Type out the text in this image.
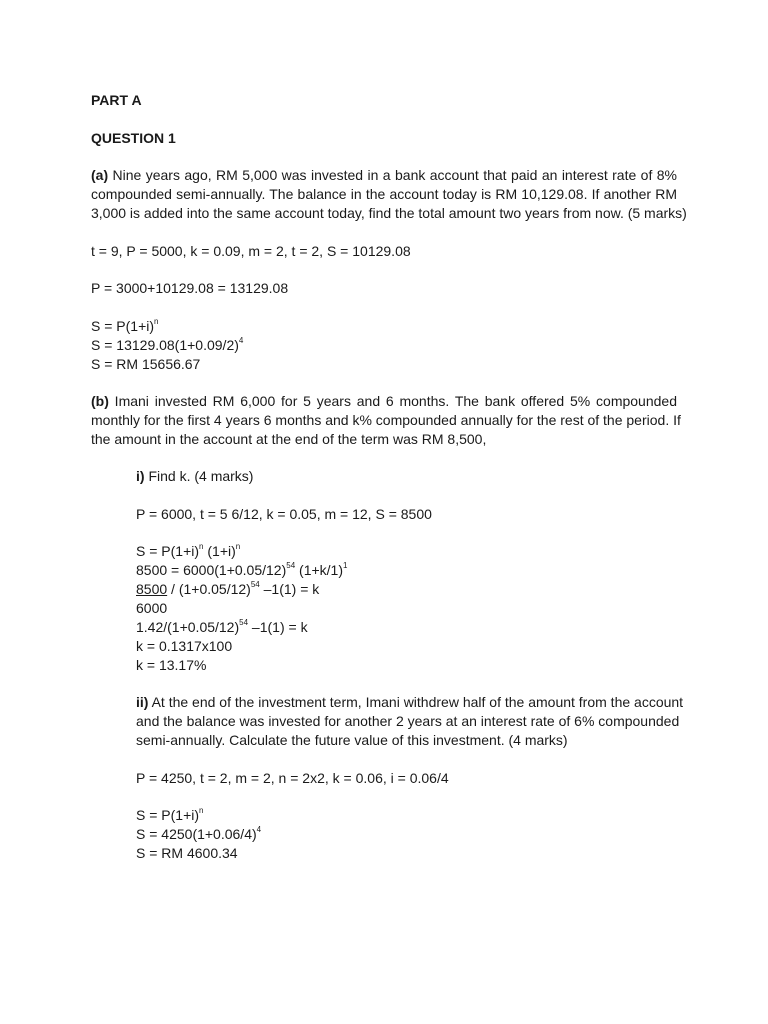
PART A
QUESTION 1
(a) Nine years ago, RM 5,000 was invested in a bank account that paid an interest rate of 8%
compounded semi-annually. The balance in the account today is RM 10,129.08. If another RM
3,000 is added into the same account today, find the total amount two years from now. (5 marks)
t = 9, P = 5000, k = 0.09, m = 2, t = 2, S = 10129.08
P = 3000+10129.08 = 13129.08
$S = P(1+i)^n$
$S = 13129.08(1+0.09/2)^4$
S = RM 15656.67
(b) Imani invested RM 6,000 for 5 years and 6 months. The bank offered 5% compounded
monthly for the first 4 years 6 months and k% compounded annually for the rest of the period. If
the amount in the account at the end of the term was RM 8,500,
i) Find k. (4 marks)
P = 6000, t = 5 6/12, k = 0.05, m = 12, S = 8500
$S = P(1+i)^n$ $(1+i)^n$
$8500 = 6000(1+0.05/12)^{54}$ $(1+k/1)^1$
$8500 / (1+0.05/12)^{54}$ –1(1) = k
6000
$1.42/(1+0.05/12)^{54}$ –1(1) = k
k = 0.1317x100
k = 13.17%
ii) At the end of the investment term, Imani withdrew half of the amount from the account
and the balance was invested for another 2 years at an interest rate of 6% compounded
semi-annually. Calculate the future value of this investment. (4 marks)
P = 4250, t = 2, m = 2, n = 2x2, k = 0.06, i = 0.06/4
$S = P(1+i)^n$
$S = 4250(1+0.06/4)^4$
S = RM 4600.34
